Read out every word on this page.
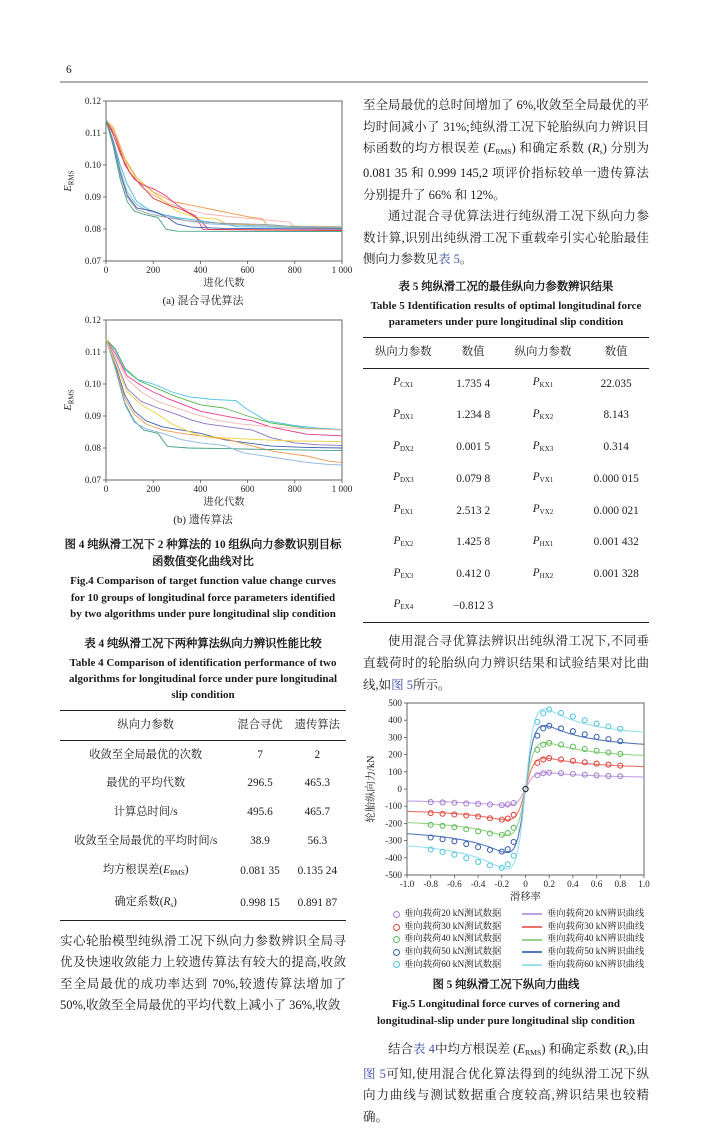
6
0	200	400	600	800	1 000
0.07
0.08
0.09
0.10
0.11
0.12
进化代数
$E_{RMS}$
(a) 混合寻优算法
0	200	400	600	800	1 000
0.07
0.08
0.09
0.10
0.11
0.12
进化代数
$E_{RMS}$
(b) 遗传算法
图 4 纯纵滑工况下 2 种算法的 10 组纵向力参数识别目标函数值变化曲线对比
Fig.4 Comparison of target function value change curves for 10 groups of longitudinal force parameters identified by two algorithms under pure longitudinal slip condition
表 4 纯纵滑工况下两种算法纵向力辨识性能比较
Table 4 Comparison of identification performance of two algorithms for longitudinal force under pure longitudinal slip condition
纵向力参数	混合寻优	遗传算法
收敛至全局最优的次数	7	2
最优的平均代数	296.5	465.3
计算总时间/s	495.6	465.7
收敛至全局最优的平均时间/s	38.9	56.3
均方根误差$(E_{RMS})$	0.081 35	0.135 24
确定系数$(R_s)$	0.998 15	0.891 87

实心轮胎模型纯纵滑工况下纵向力参数辨识全局寻优及快速收敛能力上较遗传算法有较大的提高,收敛至全局最优的成功率达到 70%,较遗传算法增加了 50%,收敛至全局最优的平均代数上减小了 36%,收敛

至全局最优的总时间增加了 6%,收敛至全局最优的平均时间减小了 31%;纯纵滑工况下轮胎纵向力辨识目标函数的均方根误差 $(E_{RMS})$ 和确定系数 $(R_s)$ 分别为 0.081 35 和 0.999 145,2 项评价指标较单一遗传算法分别提升了 66% 和 12%。

通过混合寻优算法进行纯纵滑工况下纵向力参数计算,识别出纯纵滑工况下重载牵引实心轮胎最佳侧向力参数见表 5。

表 5 纯纵滑工况的最佳纵向力参数辨识结果
Table 5 Identification results of optimal longitudinal force parameters under pure longitudinal slip condition
纵向力参数	数值	纵向力参数	数值
$P_{CX1}$	1.735 4	$P_{KX1}$	22.035
$P_{DX1}$	1.234 8	$P_{KX2}$	8.143
$P_{DX2}$	0.001 5	$P_{KX3}$	0.314
$P_{DX3}$	0.079 8	$P_{VX1}$	0.000 015
$P_{EX1}$	2.513 2	$P_{VX2}$	0.000 021
$P_{EX2}$	1.425 8	$P_{HX1}$	0.001 432
$P_{EX3}$	0.412 0	$P_{HX2}$	0.001 328
$P_{EX4}$	−0.812 3		

使用混合寻优算法辨识出纯纵滑工况下,不同垂直载荷时的轮胎纵向力辨识结果和试验结果对比曲线,如图 5所示。

-1.0 -0.8 -0.6 -0.4 -0.2 0 0.2 0.4 0.6 0.8 1.0
-500
-400
-300
-200
-100
0
100
200
300
400
500
滑移率
轮胎纵向力/kN
垂向载荷20 kN测试数据	垂向载荷20 kN辨识曲线
垂向载荷30 kN测试数据	垂向载荷30 kN辨识曲线
垂向载荷40 kN测试数据	垂向载荷40 kN辨识曲线
垂向载荷50 kN测试数据	垂向载荷50 kN辨识曲线
垂向载荷60 kN测试数据	垂向载荷60 kN辨识曲线
图 5 纯纵滑工况下纵向力曲线
Fig.5 Longitudinal force curves of cornering and longitudinal-slip under pure longitudinal slip condition

结合表 4中均方根误差 $(E_{RMS})$ 和确定系数 $(R_s)$,由图 5可知,使用混合优化算法得到的纯纵滑工况下纵向力曲线与测试数据重合度较高,辨识结果也较精确。
